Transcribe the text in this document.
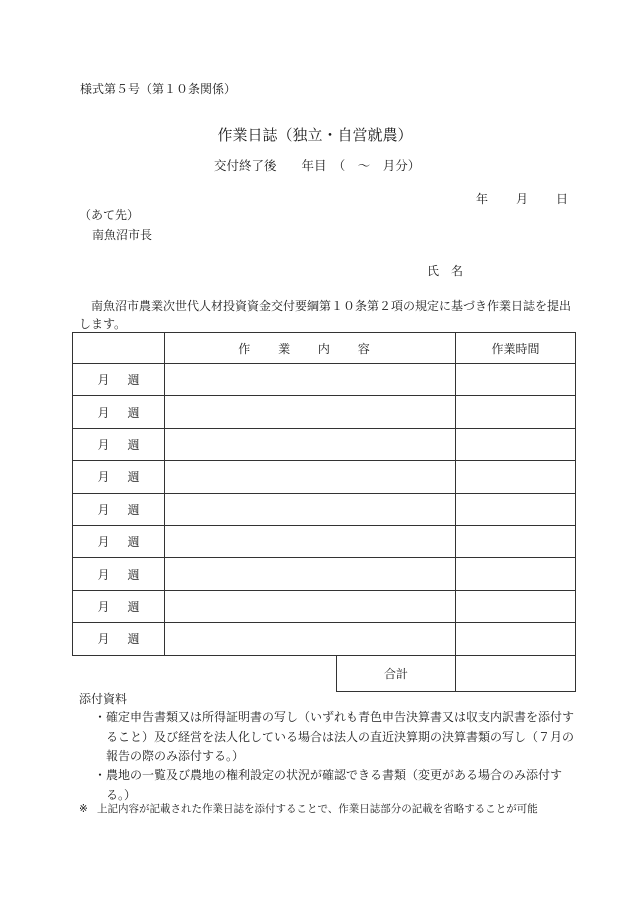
様式第５号（第１０条関係）
作業日誌（独立・自営就農）
交付終了後　　年目　（　～　月分）
年 月 日
（あて先）
南魚沼市長
氏　名
南魚沼市農業次世代人材投資資金交付要綱第１０条第２項の規定に基づき作業日誌を提出します。
	作 業 内 容	作業時間
月 週		
月 週		
月 週		
月 週		
月 週		
月 週		
月 週		
月 週		
月 週		

合計	

添付資料
・ 確定申告書類又は所得証明書の写し（いずれも青色申告決算書又は収支内訳書を添付すること）及び経営を法人化している場合は法人の直近決算期の決算書類の写し（７月の報告の際のみ添付する。）
・ 農地の一覧及び農地の権利設定の状況が確認できる書類（変更がある場合のみ添付する。）
※ 上記内容が記載された作業日誌を添付することで、作業日誌部分の記載を省略することが可能
